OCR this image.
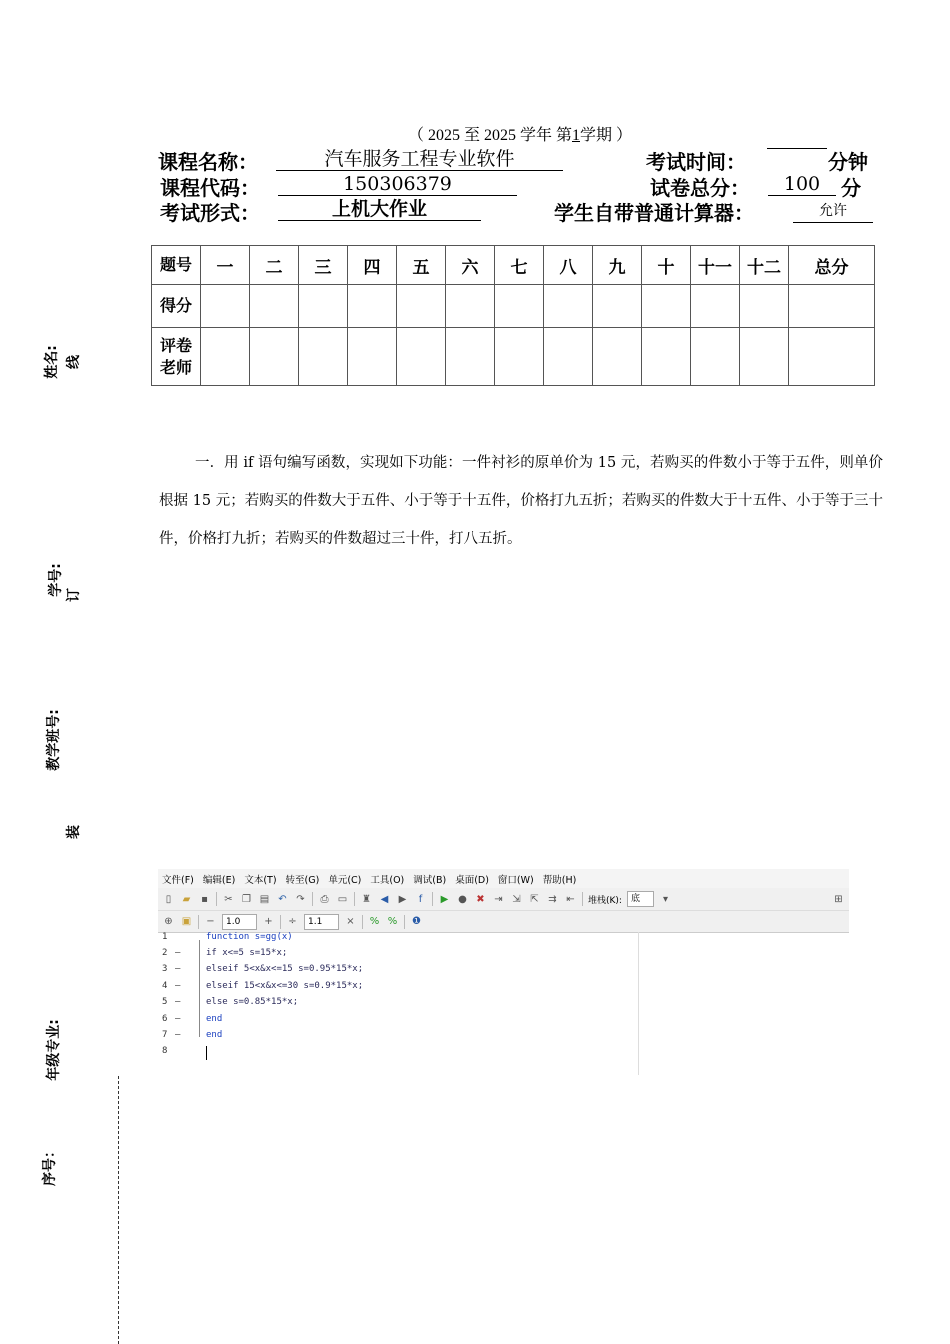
（ 2025 至 2025 学年 第1学期 ）
课程名称：	汽车服务工程专业软件	考试时间：	分钟
课程代码：	150306379	试卷总分：	100	分
考试形式：	上机大作业	学生自带普通计算器：	允许
题号	一	二	三	四	五	六	七	八	九	十	十一	十二	总分
得分													

评卷
老师													

姓名: 线
学号: 订
教学班号:
装
年级专业:
序号：
一．用 if 语句编写函数，实现如下功能：一件衬衫的原单价为 15 元，若购买的件数小于等于五件，则单价根据 15 元；若购买的件数大于五件、小于等于十五件，价格打九五折；若购买的件数大于十五件、小于等于三十件，价格打九折；若购买的件数超过三十件，打八五折。
文件(F) 编辑(E) 文本(T) 转至(G) 单元(C) 工具(O) 调试(B) 桌面(D) 窗口(W) 帮助(H)
▯	▰	▪	✂ ❐ ▤ ↶ ↷ ⎙ ▭ ♜ ◀ ▶	f	▶ ● ✖ ⇥ ⇲ ⇱ ⇉ ⇤ 堆栈(K):	底	▾	⊞
⊕ ▣ −	1.0	+ ÷	1.1	× % % ❶
1	function s=gg(x)
2 —	if x<=5 s=15*x;
3 —	elseif 5<x&x<=15 s=0.95*15*x;
4 —	elseif 15<x&x<=30 s=0.9*15*x;
5 —	else s=0.85*15*x;
6 —	end
7 —	end
8
